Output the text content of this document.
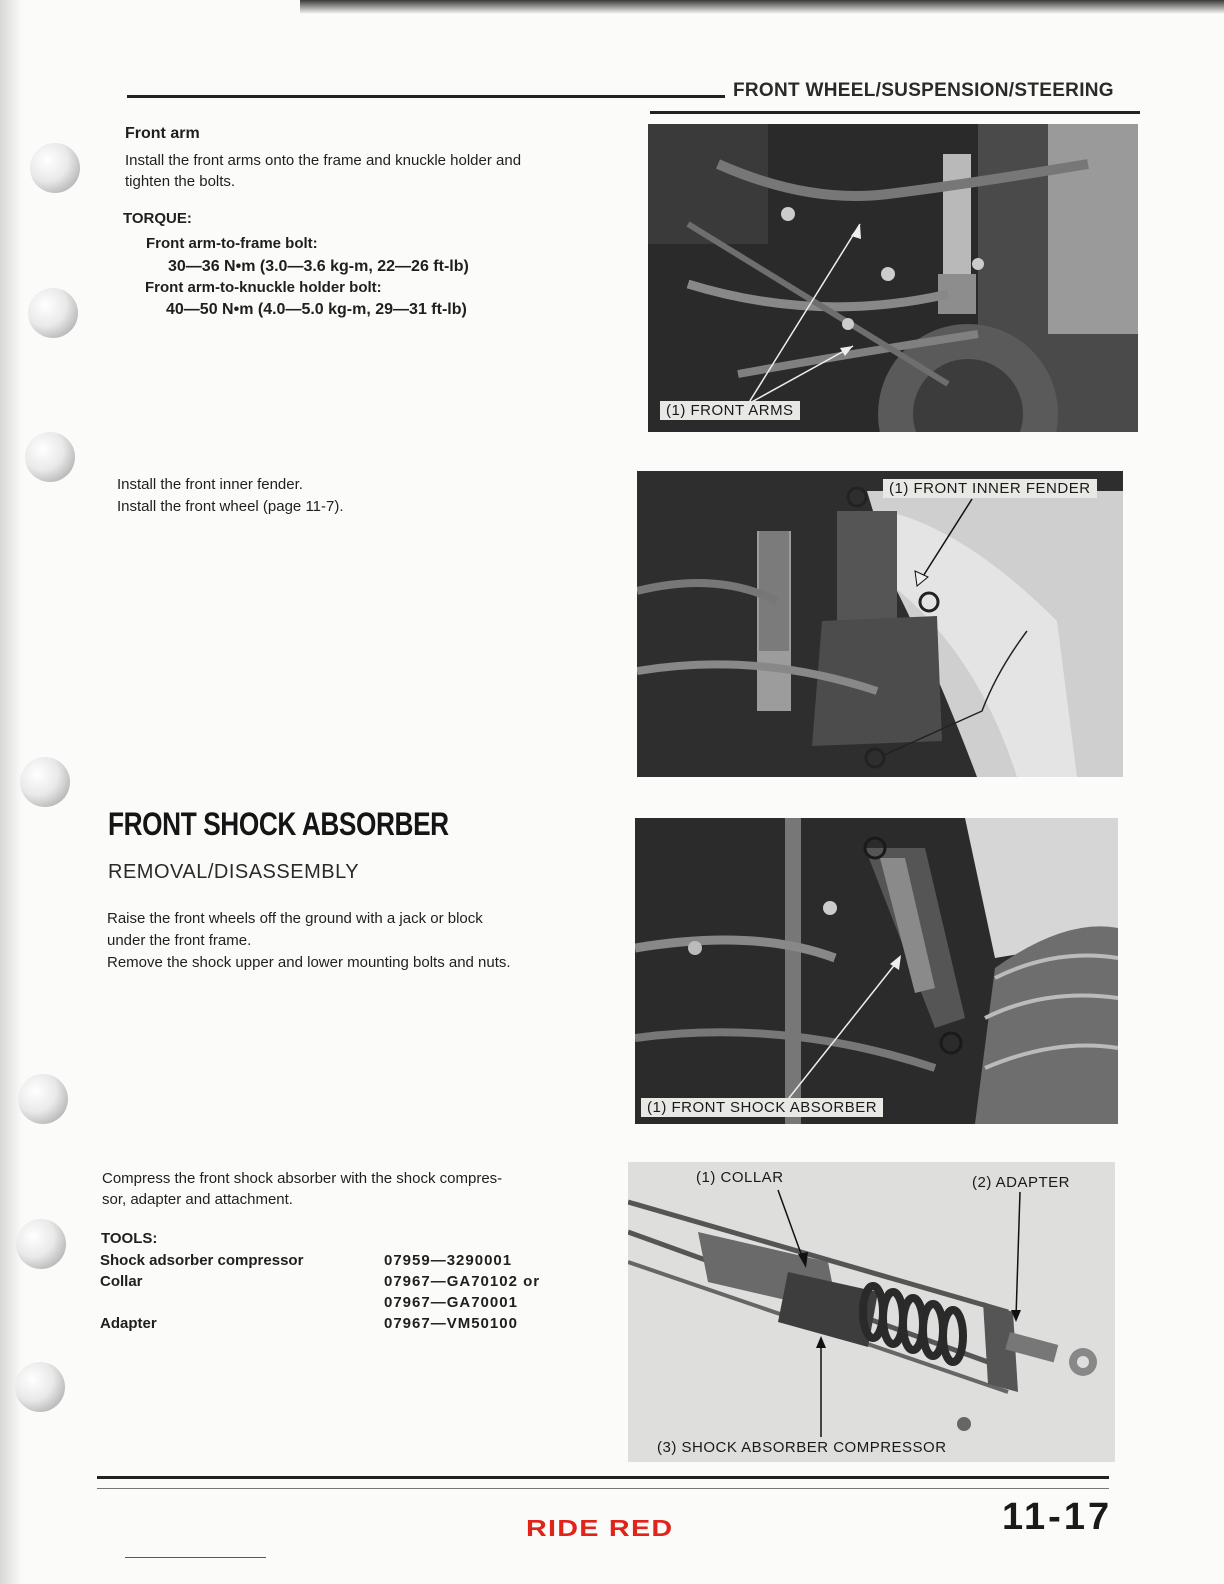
FRONT WHEEL/SUSPENSION/STEERING
Front arm
Install the front arms onto the frame and knuckle holder and
tighten the bolts.
TORQUE:
Front arm-to-frame bolt:
30—36 N•m (3.0—3.6 kg-m, 22—26 ft-lb)
Front arm-to-knuckle holder bolt:
40—50 N•m (4.0—5.0 kg-m, 29—31 ft-lb)
(1) FRONT ARMS
Install the front inner fender.
Install the front wheel (page 11-7).
(1) FRONT INNER FENDER
FRONT SHOCK ABSORBER
REMOVAL/DISASSEMBLY
Raise the front wheels off the ground with a jack or block
under the front frame.
Remove the shock upper and lower mounting bolts and nuts.
(1) FRONT SHOCK ABSORBER
Compress the front shock absorber with the shock compres-
sor, adapter and attachment.
TOOLS:
Shock adsorber compressor	07959—3290001
Collar	07967—GA70102 or
07967—GA70001
Adapter	07967—VM50100
(1) COLLAR	(2) ADAPTER
(3) SHOCK ABSORBER COMPRESSOR
RIDE RED	11-17
